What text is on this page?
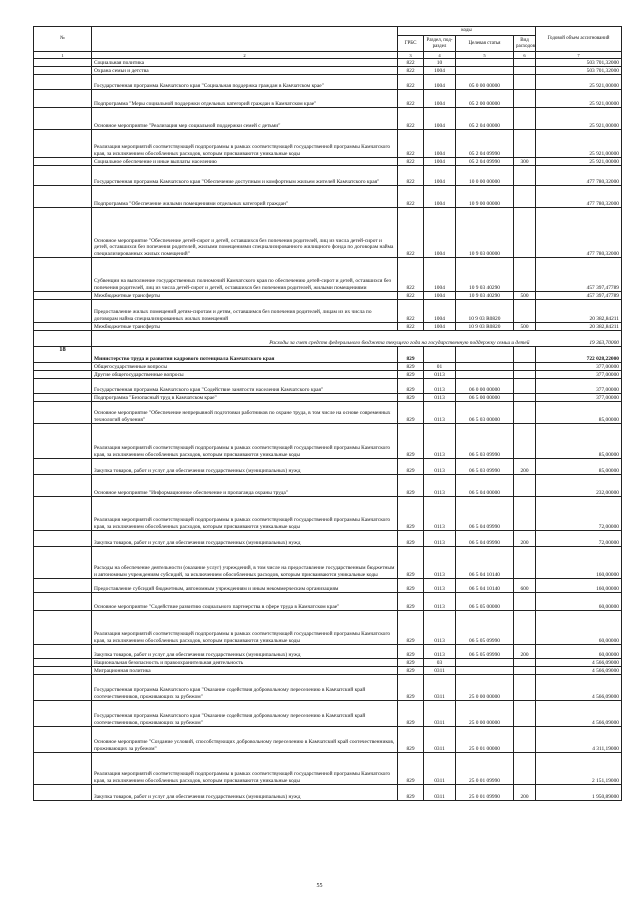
№		коды				Годовой объем ассигнований
		ГРБС	Раздел, под-раздел	Целевая статья	Вид расходов	
1	2	3	4	5	6	7
	Социальная политика	822	10			503 701,32000
	Охрана семьи и детства	822	1004			503 701,32000
	Государственная программа Камчатского края "Социальная поддержка граждан в Камчатском крае"	822	1004	05 0 00 00000		25 921,00000
	Подпрограмма "Меры социальной поддержки отдельных категорий граждан в Камчатском крае"	822	1004	05 2 00 00000		25 921,00000
	Основное мероприятие "Реализация мер социальной поддержки семей с детьми"	822	1004	05 2 04 00000		25 921,00000
	Реализация мероприятий соответствующей подпрограммы в рамках соответствующей государственной программы Камчатского края, за исключением обособленных расходов, которым присваиваются уникальные коды	822	1004	05 2 04 09990		25 921,00000
	Социальное обеспечение и иные выплаты населению	822	1004	05 2 04 09990	300	25 921,00000
	Государственная программа Камчатского края "Обеспечение доступным и комфортным жильем жителей Камчатского края"	822	1004	10 0 00 00000		477 780,32000
	Подпрограмма "Обеспечение жилыми помещениями отдельных категорий граждан"	822	1004	10 9 00 00000		477 780,32000
	Основное мероприятие "Обеспечение детей-сирот и детей, оставшихся без попечения родителей, лиц из числа детей-сирот и детей, оставшихся без попечения родителей, жилыми помещениями специализированного жилищного фонда по договорам найма специализированных жилых помещений"	822	1004	10 9 03 00000		477 780,32000
	Субвенции на выполнение государственных полномочий Камчатского края по обеспечению детей-сирот и детей, оставшихся без попечения родителей, лиц из числа детей-сирот и детей, оставшихся без попечения родителей, жилыми помещениями	822	1004	10 9 03 40290		457 397,47789
	Межбюджетные трансферты	822	1004	10 9 03 40290	500	457 397,47789
	Предоставление жилых помещений детям-сиротам и детям, оставшимся без попечения родителей, лицам из их числа по договорам найма специализированных жилых помещений	822	1004	10 9 03 R0820		20 382,84211
	Межбюджетные трансферты	822	1004	10 9 03 R0820	500	20 382,84211
	Расходы за счет средств федерального бюджета текущего года на государственную поддержку семьи и детей					19 363,70000
18	Министерство труда и развития кадрового потенциала Камчатского края	829				722 028,22000
	Общегосударственные вопросы	829	01			377,00000
	Другие общегосударственные вопросы	829	0113			377,00000
	Государственная программа Камчатского края "Содействие занятости населения Камчатского края"	829	0113	06 0 00 00000		377,00000
	Подпрограмма "Безопасный труд в Камчатском крае"	829	0113	06 5 00 00000		377,00000
	Основное мероприятие "Обеспечение непрерывной подготовки работников по охране труда, в том числе на основе современных технологий обучения"	829	0113	06 5 03 00000		85,00000
	Реализация мероприятий соответствующей подпрограммы в рамках соответствующей государственной программы Камчатского края, за исключением обособленных расходов, которым присваиваются уникальные коды	829	0113	06 5 03 09990		85,00000
	Закупка товаров, работ и услуг для обеспечения государственных (муниципальных) нужд	829	0113	06 5 03 09990	200	85,00000
	Основное мероприятие "Информационное обеспечение и пропаганда охраны труда"	829	0113	06 5 04 00000		232,00000
	Реализация мероприятий соответствующей подпрограммы в рамках соответствующей государственной программы Камчатского края, за исключением обособленных расходов, которым присваиваются уникальные коды	829	0113	06 5 04 09990		72,00000
	Закупка товаров, работ и услуг для обеспечения государственных (муниципальных) нужд	829	0113	06 5 04 09990	200	72,00000
	Расходы на обеспечение деятельности (оказание услуг) учреждений, в том числе на предоставление государственным бюджетным и автономным учреждениям субсидий, за исключением обособленных расходов, которым присваиваются уникальные коды	829	0113	06 5 04 10140		160,00000
	Предоставление субсидий бюджетным, автономным учреждениям и иным некоммерческим организациям	829	0113	06 5 04 10140	600	160,00000
	Основное мероприятие "Содействие развитию социального партнерства в сфере труда в Камчатском крае"	829	0113	06 5 05 00000		60,00000
	Реализация мероприятий соответствующей подпрограммы в рамках соответствующей государственной программы Камчатского края, за исключением обособленных расходов, которым присваиваются уникальные коды	829	0113	06 5 05 09990		60,00000
	Закупка товаров, работ и услуг для обеспечения государственных (муниципальных) нужд	829	0113	06 5 05 09990	200	60,00000
	Национальная безопасность и правоохранительная деятельность	829	03			4 566,09000
	Миграционная политика	829	0311			4 566,09000
	Государственная программа Камчатского края "Оказание содействия добровольному переселению в Камчатский край соотечественников, проживающих за рубежом"	829	0311	25 0 00 00000		4 566,09000
	Государственная программа Камчатского края "Оказание содействия добровольному переселению в Камчатский край соотечественников, проживающих за рубежом"	829	0311	25 0 00 00000		4 566,09000
	Основное мероприятие "Создание условий, способствующих добровольному переселению в Камчатский край соотечественников, проживающих за рубежом"	829	0311	25 0 01 00000		4 311,19000
	Реализация мероприятий соответствующей подпрограммы в рамках соответствующей государственной программы Камчатского края, за исключением обособленных расходов, которым присваиваются уникальные коды	829	0311	25 0 01 09990		2 151,19000
	Закупка товаров, работ и услуг для обеспечения государственных (муниципальных) нужд	829	0311	25 0 01 09990	200	1 950,89000
55
